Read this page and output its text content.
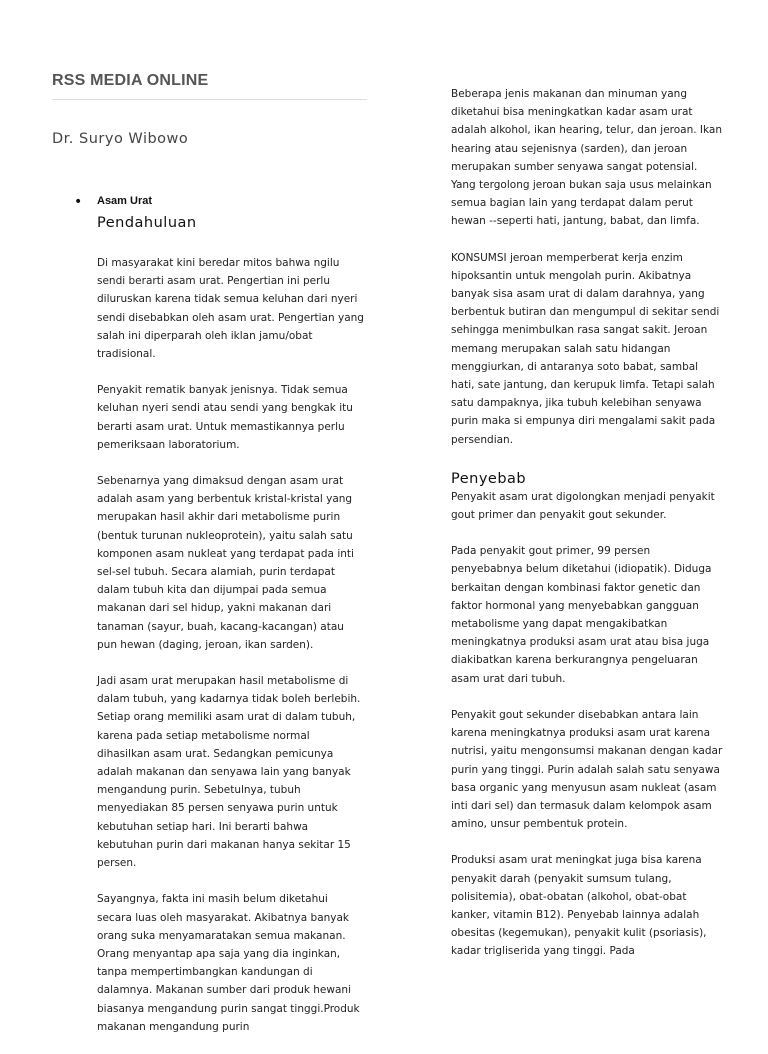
RSS MEDIA ONLINE
Dr. Suryo Wibowo
• Asam Urat
Pendahuluan

Di masyarakat kini beredar mitos bahwa ngilu sendi berarti asam urat. Pengertian ini perlu diluruskan karena tidak semua keluhan dari nyeri sendi disebabkan oleh asam urat. Pengertian yang salah ini diperparah oleh iklan jamu/obat tradisional.

Penyakit rematik banyak jenisnya. Tidak semua keluhan nyeri sendi atau sendi yang bengkak itu berarti asam urat. Untuk memastikannya perlu pemeriksaan laboratorium.

Sebenarnya yang dimaksud dengan asam urat adalah asam yang berbentuk kristal-kristal yang merupakan hasil akhir dari metabolisme purin (bentuk turunan nukleoprotein), yaitu salah satu komponen asam nukleat yang terdapat pada inti sel-sel tubuh. Secara alamiah, purin terdapat dalam tubuh kita dan dijumpai pada semua makanan dari sel hidup, yakni makanan dari tanaman (sayur, buah, kacang-kacangan) atau pun hewan (daging, jeroan, ikan sarden).

Jadi asam urat merupakan hasil metabolisme di dalam tubuh, yang kadarnya tidak boleh berlebih. Setiap orang memiliki asam urat di dalam tubuh, karena pada setiap metabolisme normal dihasilkan asam urat. Sedangkan pemicunya adalah makanan dan senyawa lain yang banyak mengandung purin. Sebetulnya, tubuh menyediakan 85 persen senyawa purin untuk kebutuhan setiap hari. Ini berarti bahwa kebutuhan purin dari makanan hanya sekitar 15 persen.

Sayangnya, fakta ini masih belum diketahui secara luas oleh masyarakat. Akibatnya banyak orang suka menyamaratakan semua makanan. Orang menyantap apa saja yang dia inginkan, tanpa mempertimbangkan kandungan di dalamnya. Makanan sumber dari produk hewani biasanya mengandung purin sangat tinggi.Produk makanan mengandung purin

Beberapa jenis makanan dan minuman yang diketahui bisa meningkatkan kadar asam urat adalah alkohol, ikan hearing, telur, dan jeroan. Ikan hearing atau sejenisnya (sarden), dan jeroan merupakan sumber senyawa sangat potensial. Yang tergolong jeroan bukan saja usus melainkan semua bagian lain yang terdapat dalam perut hewan --seperti hati, jantung, babat, dan limfa.

KONSUMSI jeroan memperberat kerja enzim hipoksantin untuk mengolah purin. Akibatnya banyak sisa asam urat di dalam darahnya, yang berbentuk butiran dan mengumpul di sekitar sendi sehingga menimbulkan rasa sangat sakit. Jeroan memang merupakan salah satu hidangan menggiurkan, di antaranya soto babat, sambal hati, sate jantung, dan kerupuk limfa. Tetapi salah satu dampaknya, jika tubuh kelebihan senyawa purin maka si empunya diri mengalami sakit pada persendian.

Penyebab

Penyakit asam urat digolongkan menjadi penyakit gout primer dan penyakit gout sekunder.

Pada penyakit gout primer, 99 persen penyebabnya belum diketahui (idiopatik). Diduga berkaitan dengan kombinasi faktor genetic dan faktor hormonal yang menyebabkan gangguan metabolisme yang dapat mengakibatkan meningkatnya produksi asam urat atau bisa juga diakibatkan karena berkurangnya pengeluaran asam urat dari tubuh.

Penyakit gout sekunder disebabkan antara lain karena meningkatnya produksi asam urat karena nutrisi, yaitu mengonsumsi makanan dengan kadar purin yang tinggi. Purin adalah salah satu senyawa basa organic yang menyusun asam nukleat (asam inti dari sel) dan termasuk dalam kelompok asam amino, unsur pembentuk protein.

Produksi asam urat meningkat juga bisa karena penyakit darah (penyakit sumsum tulang, polisitemia), obat-obatan (alkohol, obat-obat kanker, vitamin B12). Penyebab lainnya adalah obesitas (kegemukan), penyakit kulit (psoriasis), kadar trigliserida yang tinggi. Pada
